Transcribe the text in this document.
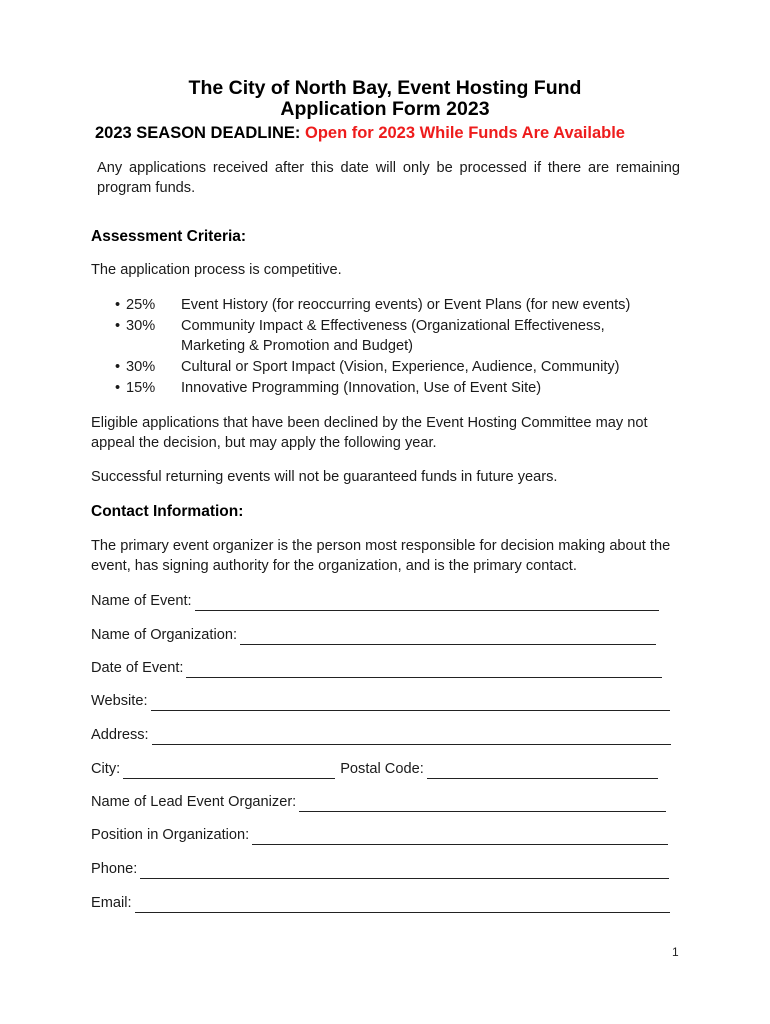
The City of North Bay, Event Hosting Fund
Application Form 2023
2023 SEASON DEADLINE: Open for 2023 While Funds Are Available
Any applications received after this date will only be processed if there are remaining program funds.
Assessment Criteria:
The application process is competitive.
• 25% Event History (for reoccurring events) or Event Plans (for new events)
• 30% Community Impact & Effectiveness (Organizational Effectiveness, Marketing & Promotion and Budget)
• 30% Cultural or Sport Impact (Vision, Experience, Audience, Community)
• 15% Innovative Programming (Innovation, Use of Event Site)
Eligible applications that have been declined by the Event Hosting Committee may not appeal the decision, but may apply the following year.
Successful returning events will not be guaranteed funds in future years.
Contact Information:
The primary event organizer is the person most responsible for decision making about the event, has signing authority for the organization, and is the primary contact.
Name of Event:
Name of Organization:
Date of Event:
Website:
Address:
City:	Postal Code:
Name of Lead Event Organizer:
Position in Organization:
Phone:
Email:
1
